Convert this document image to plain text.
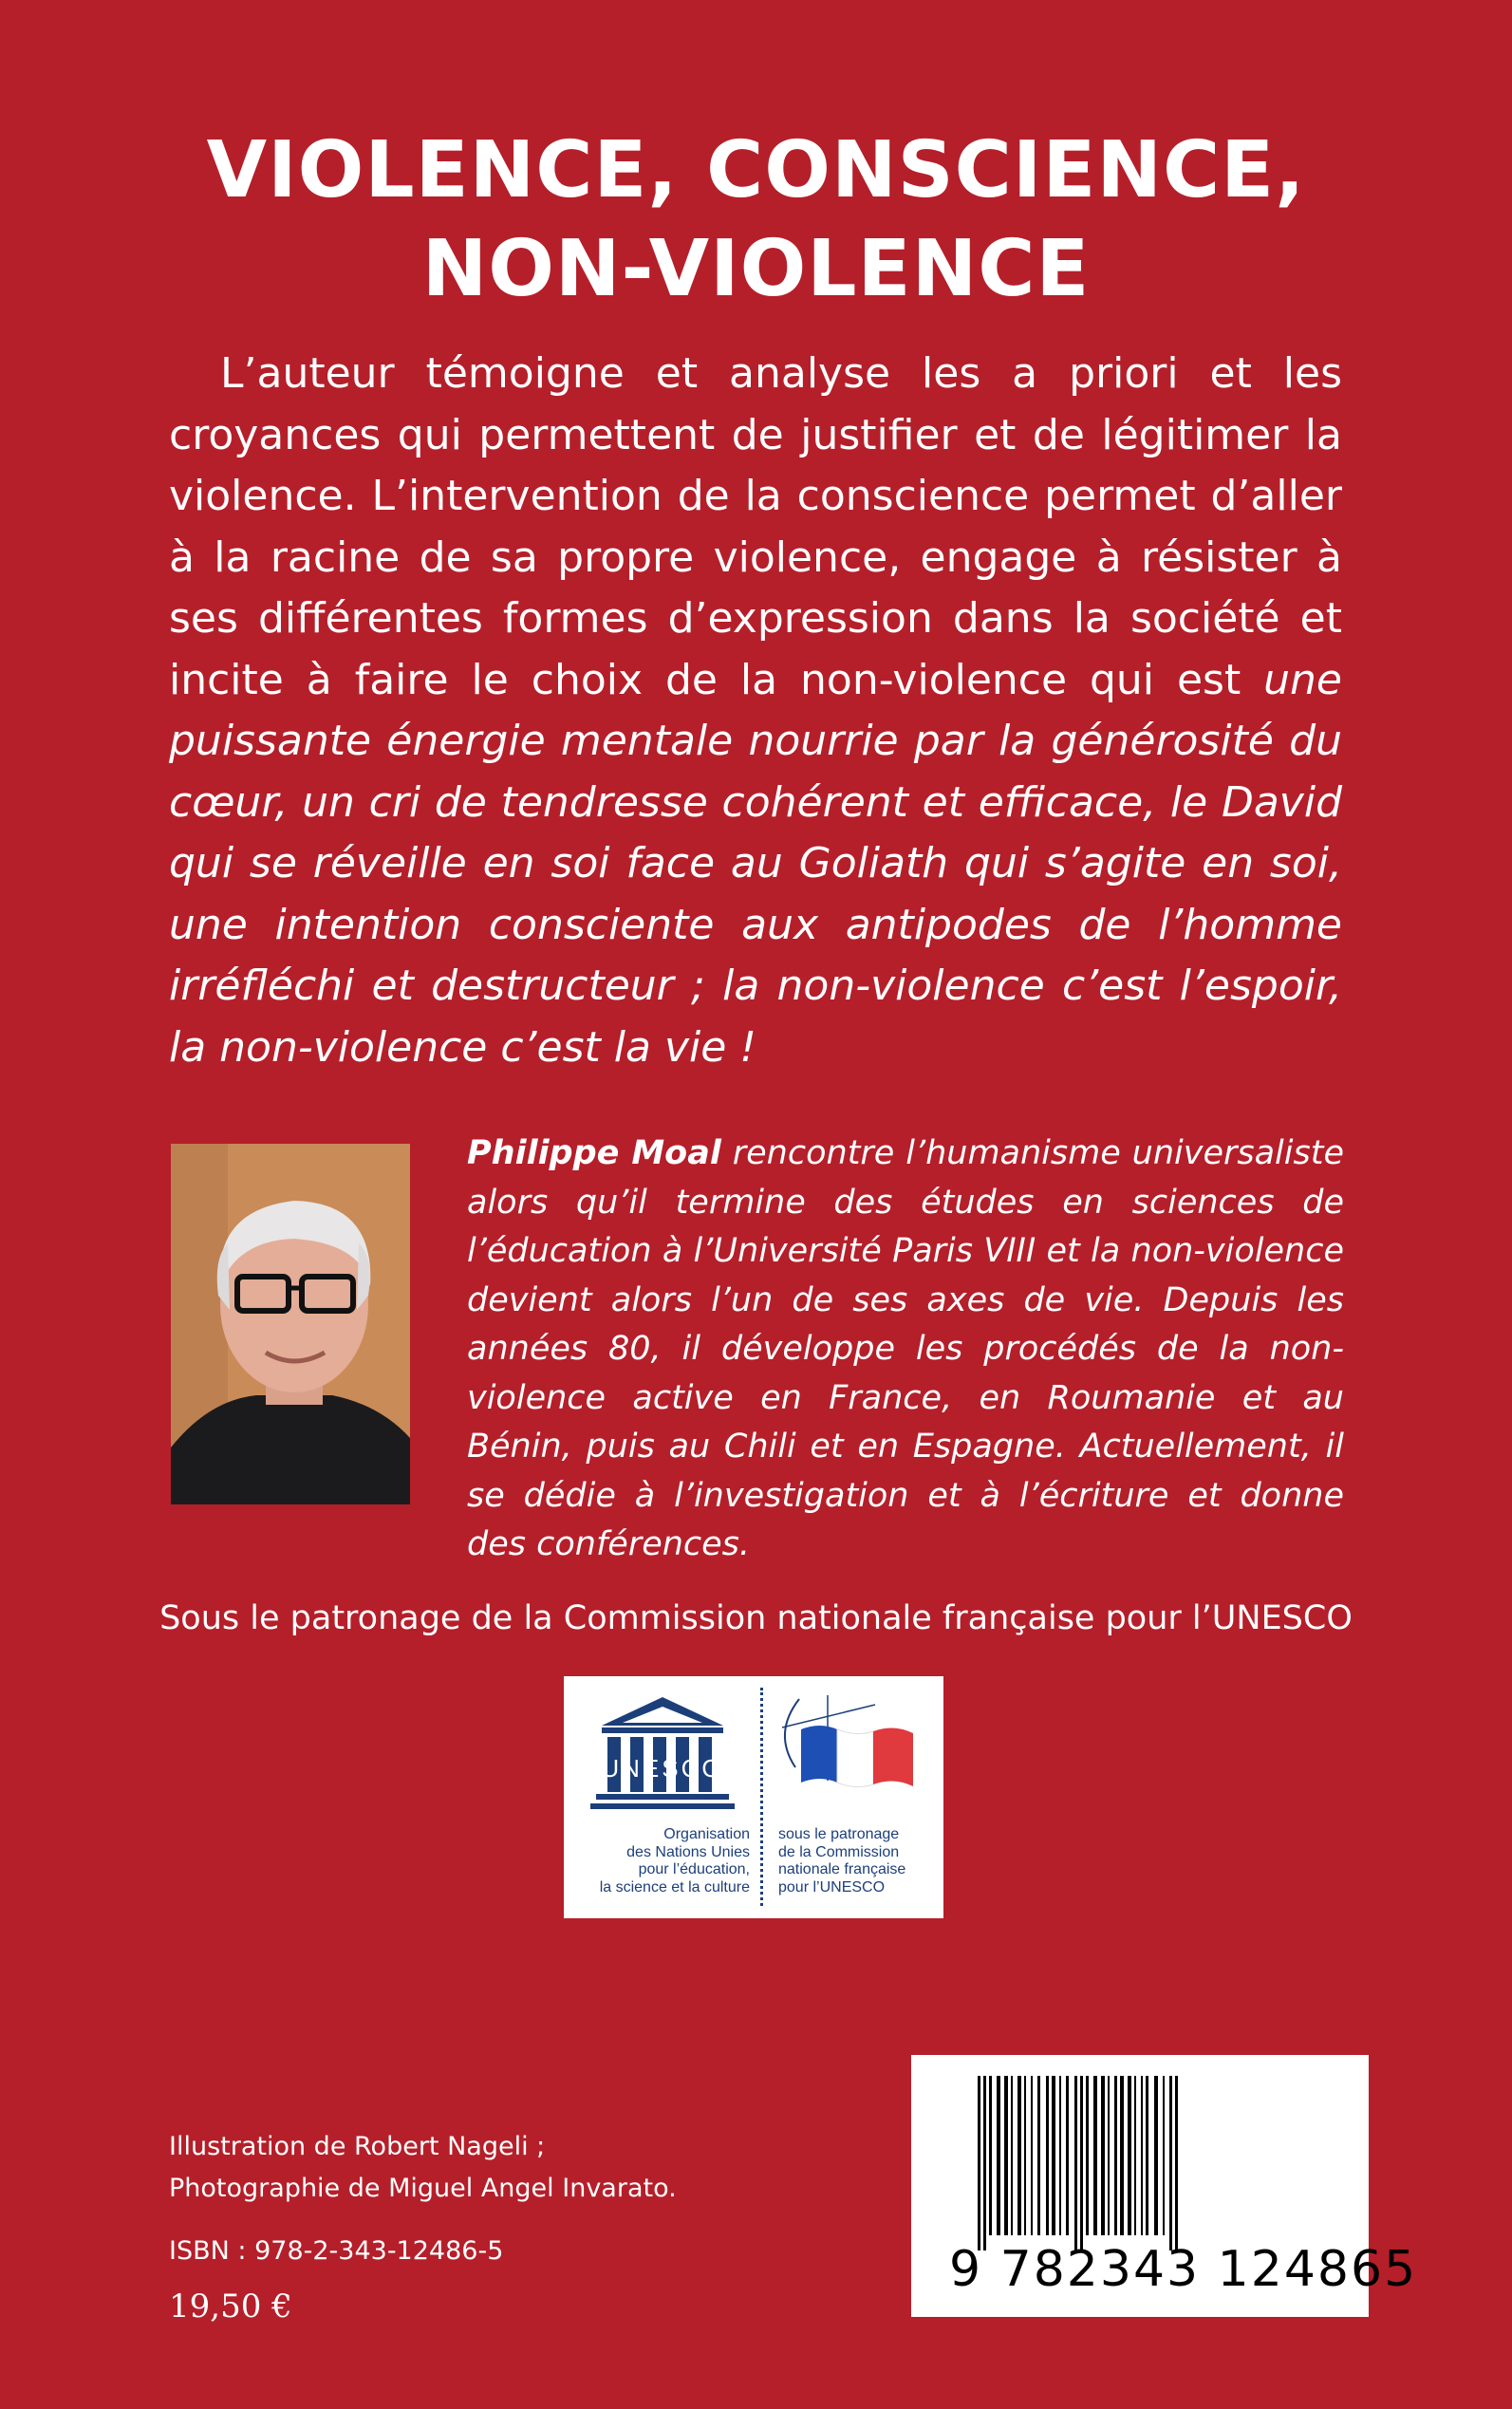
VIOLENCE, CONSCIENCE,
NON-VIOLENCE

L’auteur témoigne et analyse les a priori et les croyances qui permettent de justifier et de légitimer la violence. L’intervention de la conscience permet d’aller à la racine de sa propre violence, engage à résister à ses différentes formes d’expression dans la société et incite à faire le choix de la non-violence qui est une puissante énergie mentale nourrie par la générosité du cœur, un cri de tendresse cohérent et efficace, le David qui se réveille en soi face au Goliath qui s’agite en soi, une intention consciente aux antipodes de l’homme irréfléchi et destructeur ; la non-violence c’est l’espoir, la non-violence c’est la vie !

Philippe Moal rencontre l’humanisme universaliste alors qu’il termine des études en sciences de l’éducation à l’Université Paris VIII et la non-violence devient alors l’un de ses axes de vie. Depuis les années 80, il développe les procédés de la non-violence active en France, en Roumanie et au Bénin, puis au Chili et en Espagne. Actuellement, il se dédie à l’investigation et à l’écriture et donne des conférences.

Sous le patronage de la Commission nationale française pour l’UNESCO
UNESCO
Organisation
des Nations Unies
pour l’éducation,
la science et la culture
sous le patronage
de la Commission
nationale française
pour l’UNESCO
Illustration de Robert Nageli ;
Photographie de Miguel Angel Invarato.
ISBN : 978-2-343-12486-5
19,50 €
9 782343 124865
